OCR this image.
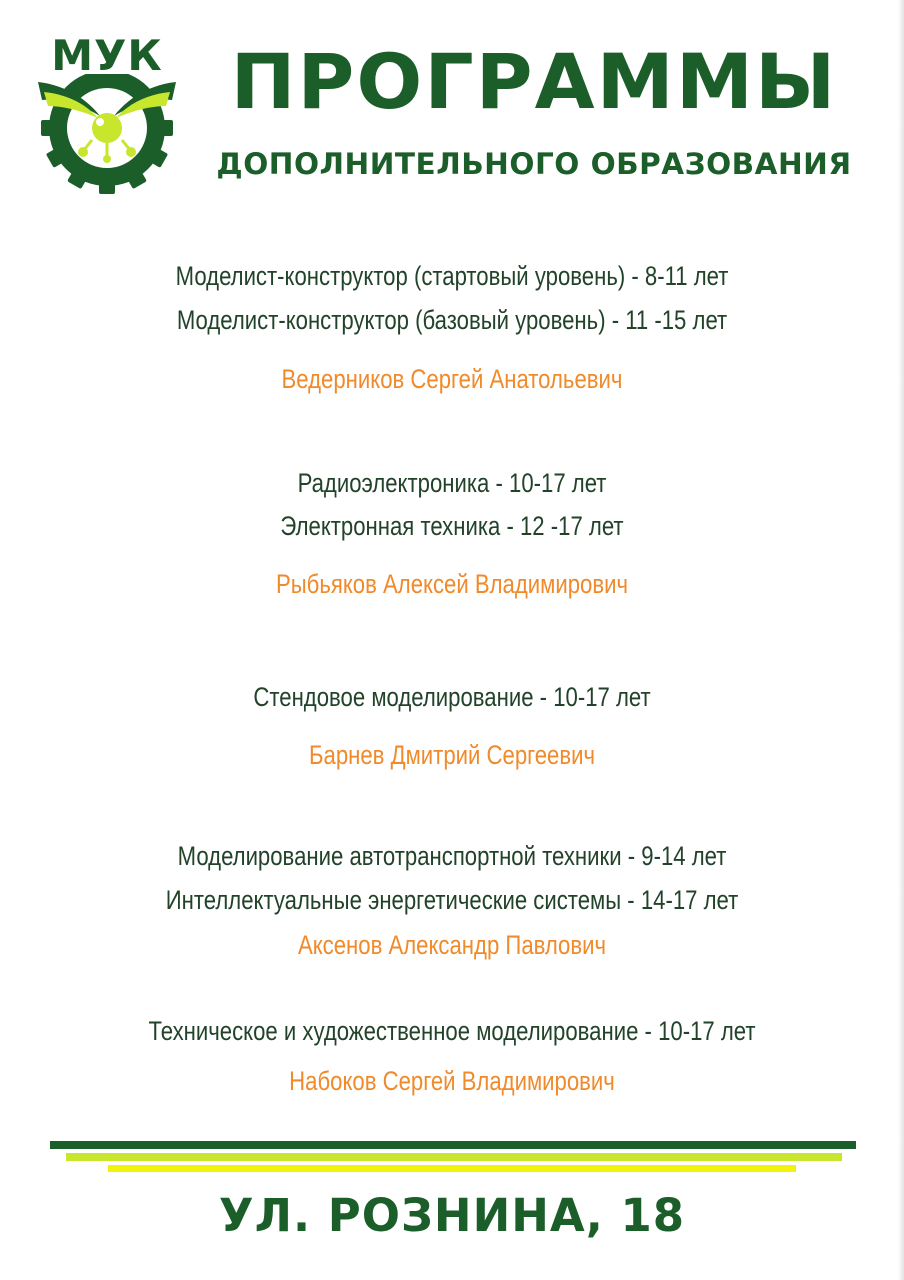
МУК ПРОГРАММЫ
ДОПОЛНИТЕЛЬНОГО ОБРАЗОВАНИЯ
Моделист-конструктор (стартовый уровень) - 8-11 лет
Моделист-конструктор (базовый уровень) - 11 -15 лет
Ведерников Сергей Анатольевич
Радиоэлектроника - 10-17 лет
Электронная техника - 12 -17 лет
Рыбьяков Алексей Владимирович
Стендовое моделирование - 10-17 лет
Барнев Дмитрий Сергеевич
Моделирование автотранспортной техники - 9-14 лет
Интеллектуальные энергетические системы - 14-17 лет
Аксенов Александр Павлович
Техническое и художественное моделирование - 10-17 лет
Набоков Сергей Владимирович
УЛ. РОЗНИНА, 18
